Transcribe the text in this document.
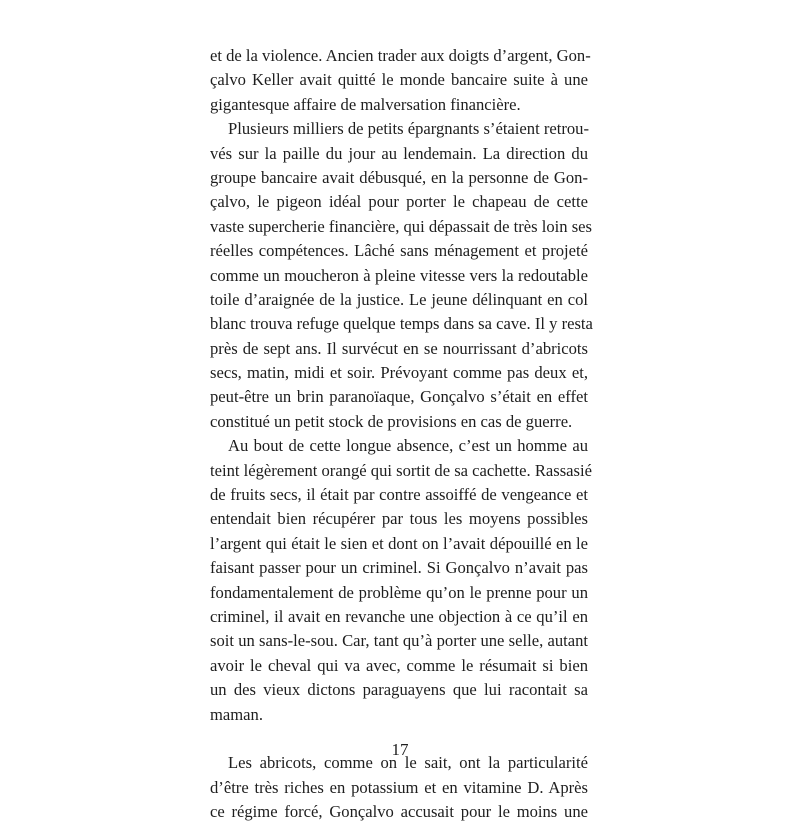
et de la violence. Ancien trader aux doigts d’argent, Gon-
çalvo Keller avait quitté le monde bancaire suite à une
gigantesque affaire de malversation financière.
Plusieurs milliers de petits épargnants s’étaient retrou-
vés sur la paille du jour au lendemain. La direction du
groupe bancaire avait débusqué, en la personne de Gon-
çalvo, le pigeon idéal pour porter le chapeau de cette
vaste supercherie financière, qui dépassait de très loin ses
réelles compétences. Lâché sans ménagement et projeté
comme un moucheron à pleine vitesse vers la redoutable
toile d’araignée de la justice. Le jeune délinquant en col
blanc trouva refuge quelque temps dans sa cave. Il y resta
près de sept ans. Il survécut en se nourrissant d’abricots
secs, matin, midi et soir. Prévoyant comme pas deux et,
peut-être un brin paranoïaque, Gonçalvo s’était en effet
constitué un petit stock de provisions en cas de guerre.
Au bout de cette longue absence, c’est un homme au
teint légèrement orangé qui sortit de sa cachette. Rassasié
de fruits secs, il était par contre assoiffé de vengeance et
entendait bien récupérer par tous les moyens possibles
l’argent qui était le sien et dont on l’avait dépouillé en le
faisant passer pour un criminel. Si Gonçalvo n’avait pas
fondamentalement de problème qu’on le prenne pour un
criminel, il avait en revanche une objection à ce qu’il en
soit un sans-le-sou. Car, tant qu’à porter une selle, autant
avoir le cheval qui va avec, comme le résumait si bien
un des vieux dictons paraguayens que lui racontait sa
maman.
Les abricots, comme on le sait, ont la particularité
d’être très riches en potassium et en vitamine D. Après
ce régime forcé, Gonçalvo accusait pour le moins une
17
